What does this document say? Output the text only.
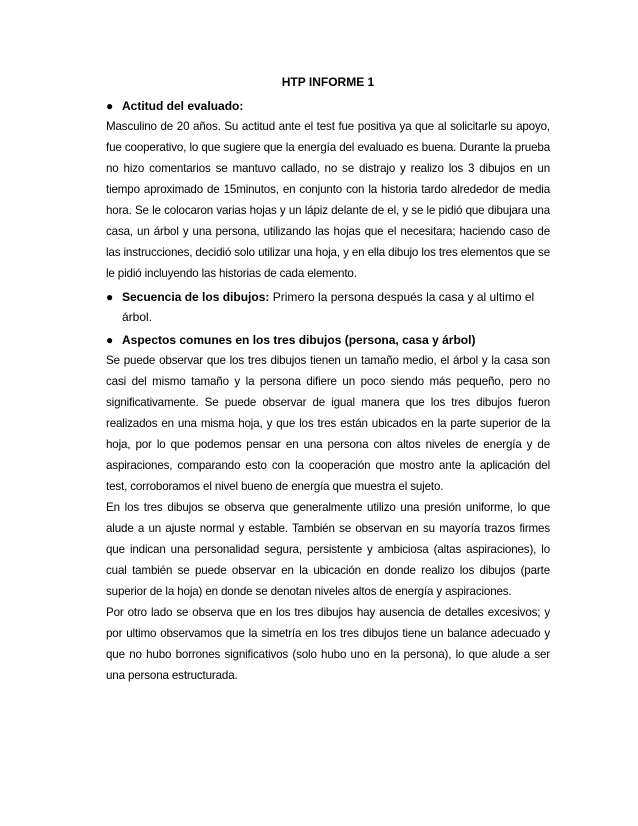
HTP INFORME 1
● Actitud del evaluado:

Masculino de 20 años. Su actitud ante el test fue positiva ya que al solicitarle su apoyo, fue cooperativo, lo que sugiere que la energía del evaluado es buena. Durante la prueba no hizo comentarios se mantuvo callado, no se distrajo y realizo los 3 dibujos en un tiempo aproximado de 15minutos, en conjunto con la historia tardo alrededor de media hora. Se le colocaron varias hojas y un lápiz delante de el, y se le pidió que dibujara una casa, un árbol y una persona, utilizando las hojas que el necesitara; haciendo caso de las instrucciones, decidió solo utilizar una hoja, y en ella dibujo los tres elementos que se le pidió incluyendo las historias de cada elemento.

● Secuencia de los dibujos: Primero la persona después la casa y al ultimo el árbol.
● Aspectos comunes en los tres dibujos (persona, casa y árbol)

Se puede observar que los tres dibujos tienen un tamaño medio, el árbol y la casa son casi del mismo tamaño y la persona difiere un poco siendo más pequeño, pero no significativamente. Se puede observar de igual manera que los tres dibujos fueron realizados en una misma hoja, y que los tres están ubicados en la parte superior de la hoja, por lo que podemos pensar en una persona con altos niveles de energía y de aspiraciones, comparando esto con la cooperación que mostro ante la aplicación del test, corroboramos el nivel bueno de energía que muestra el sujeto.

En los tres dibujos se observa que generalmente utilizo una presión uniforme, lo que alude a un ajuste normal y estable. También se observan en su mayoría trazos firmes que indican una personalidad segura, persistente y ambiciosa (altas aspiraciones), lo cual también se puede observar en la ubicación en donde realizo los dibujos (parte superior de la hoja) en donde se denotan niveles altos de energía y aspiraciones.

Por otro lado se observa que en los tres dibujos hay ausencia de detalles excesivos; y por ultimo observamos que la simetría en los tres dibujos tiene un balance adecuado y que no hubo borrones significativos (solo hubo uno en la persona), lo que alude a ser una persona estructurada.
